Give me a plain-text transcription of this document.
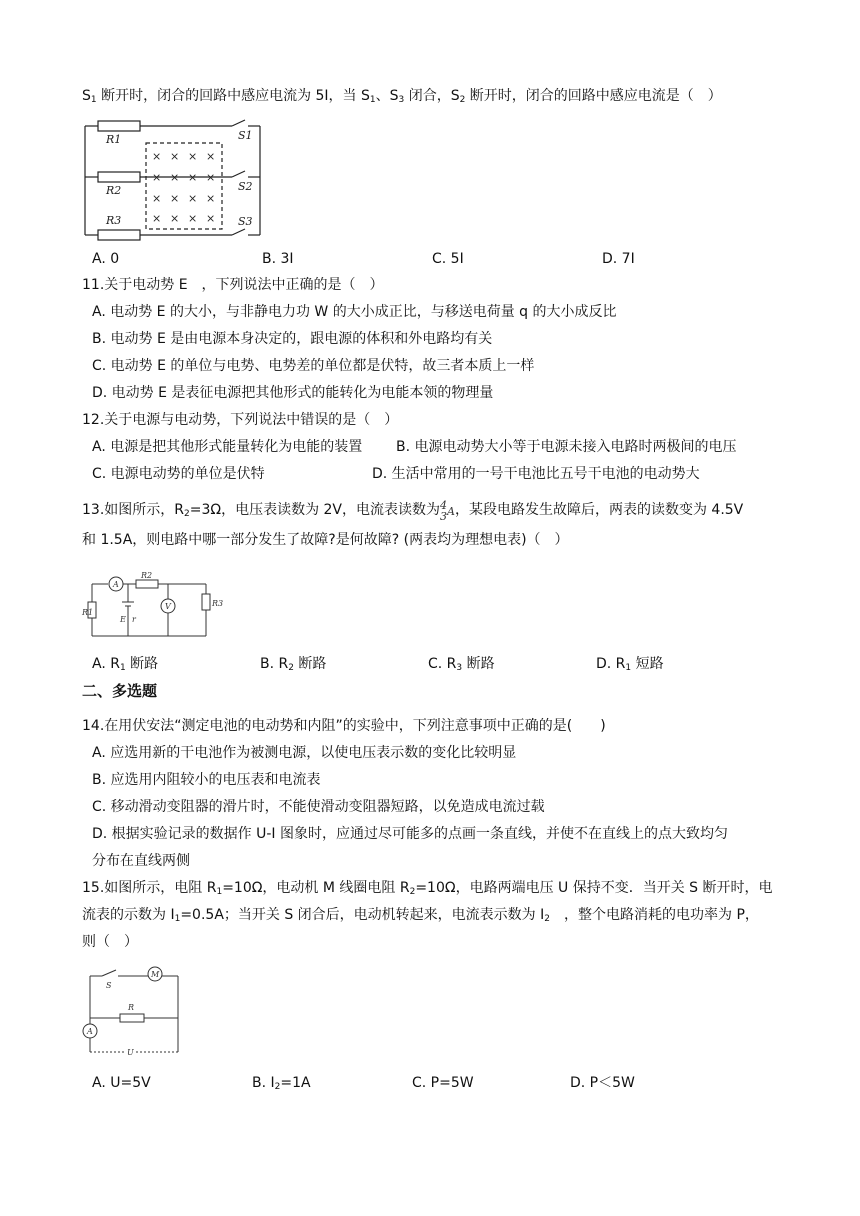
$S_1$ 断开时，闭合的回路中感应电流为 5I，当 $S_1$、$S_3$ 闭合，$S_2$ 断开时，闭合的回路中感应电流是（　）
× × × ×
× × × ×
× × × ×
× × × ×
R1
R2
R3
S1
S2
S3
A. 0	B. 3I	C. 5I	D. 7I
11.关于电动势 E　，下列说法中正确的是（　）
A. 电动势 E 的大小，与非静电力功 W 的大小成正比，与移送电荷量 q 的大小成反比
B. 电动势 E 是由电源本身决定的，跟电源的体积和外电路均有关
C. 电动势 E 的单位与电势、电势差的单位都是伏特，故三者本质上一样
D. 电动势 E 是表征电源把其他形式的能转化为电能本领的物理量
12.关于电源与电动势，下列说法中错误的是（　）
A. 电源是把其他形式能量转化为电能的装置 B. 电源电动势大小等于电源未接入电路时两极间的电压
C. 电源电动势的单位是伏特	D. 生活中常用的一号干电池比五号干电池的电动势大
13.如图所示，$R_2=3\Omega$，电压表读数为 2V，电流表读数为4
3A，某段电路发生故障后，两表的读数变为 4.5V
和 1.5A，则电路中哪一部分发生了故障?是何故障? (两表均为理想电表)（　）
A
R2
V	R3
R1
E r
A. $R_1$ 断路	B. $R_2$ 断路	C. $R_3$ 断路	D. $R_1$ 短路
二、多选题
14.在用伏安法“测定电池的电动势和内阻”的实验中，下列注意事项中正确的是(　　)
A. 应选用新的干电池作为被测电源，以使电压表示数的变化比较明显
B. 应选用内阻较小的电压表和电流表
C. 移动滑动变阻器的滑片时，不能使滑动变阻器短路，以免造成电流过载
D. 根据实验记录的数据作 U-I 图象时，应通过尽可能多的点画一条直线，并使不在直线上的点大致均匀
分布在直线两侧
15.如图所示，电阻 $R_1=10\Omega$，电动机 M 线圈电阻 $R_2=10\Omega$，电路两端电压 U 保持不变．当开关 S 断开时，电
流表的示数为 $I_1=0.5A$；当开关 S 闭合后，电动机转起来，电流表示数为 $I_2$　，整个电路消耗的电功率为 P，
则（　）
S
M
R
A
U
A. U=5V	B. $I_2=1A$	C. P=5W	D. P＜5W
